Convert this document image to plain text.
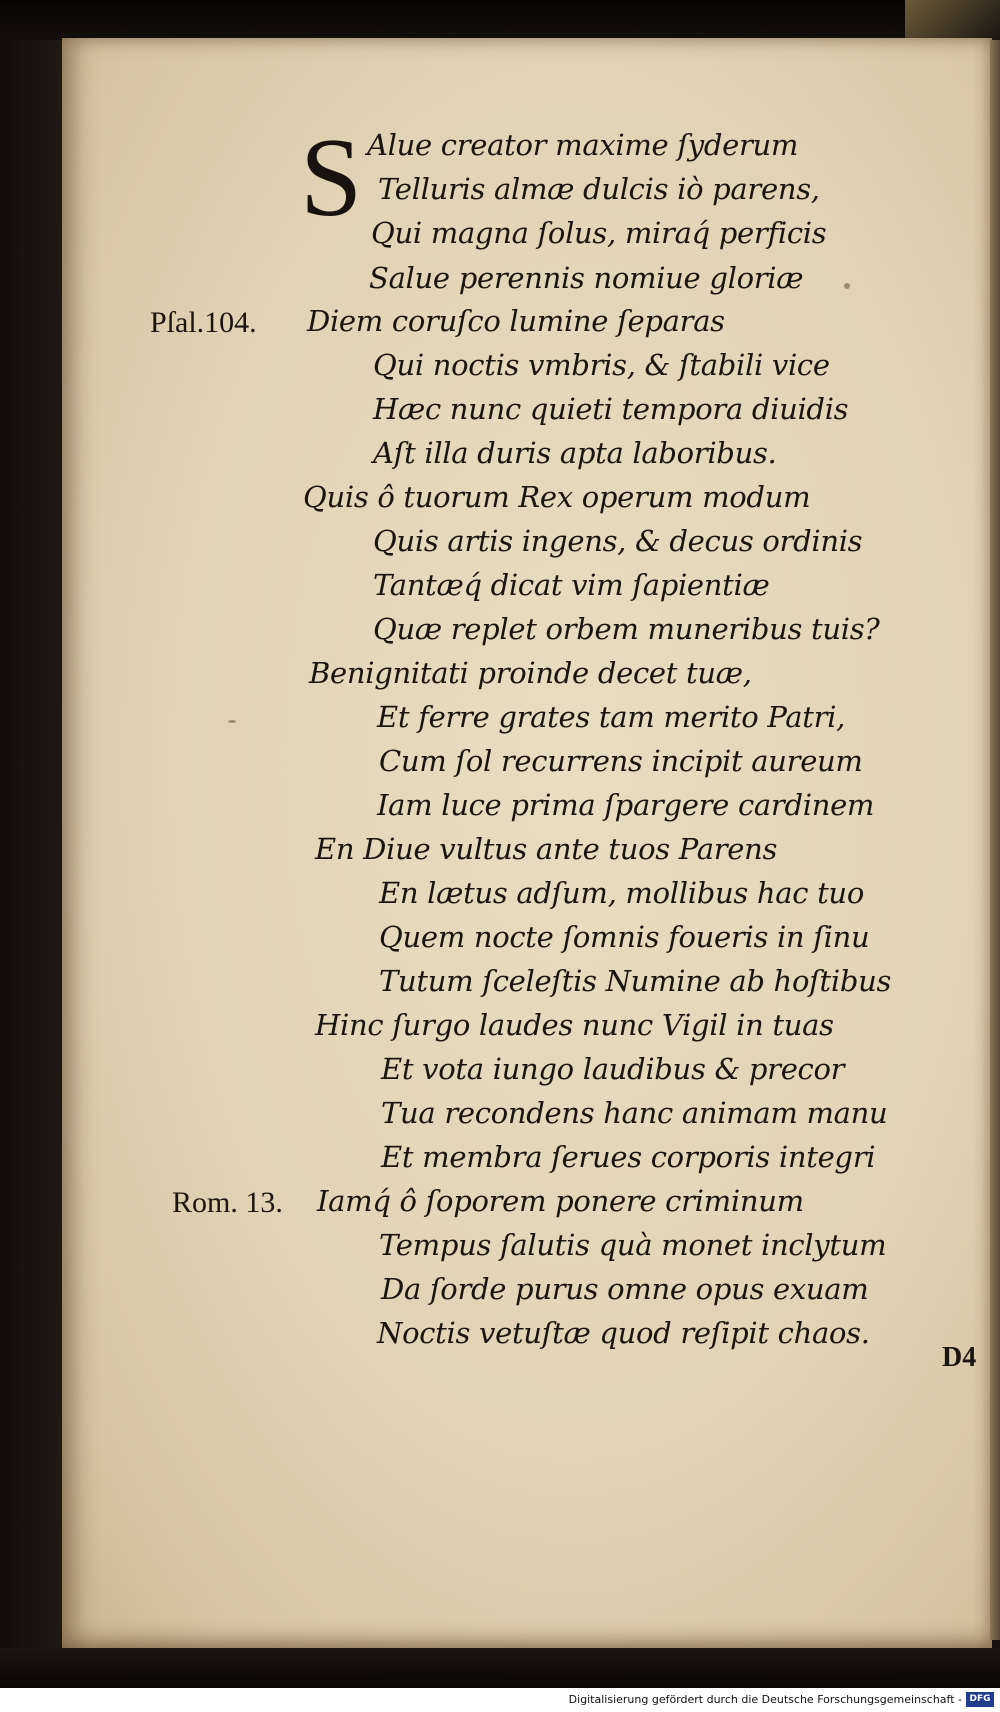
S Alue creator maxime ſyderum
Telluris almæ dulcis iò parens,
Qui magna ſolus, miraq́ perficis
Salue perennis nomiue gloriæ
Diem coruſco lumine ſeparas
Qui noctis vmbris, & ſtabili vice
Hæc nunc quieti tempora diuidis
Aſt illa duris apta laboribus.
Quis ô tuorum Rex operum modum
Quis artis ingens, & decus ordinis
Tantæq́ dicat vim ſapientiæ
Quæ replet orbem muneribus tuis?
Benignitati proinde decet tuæ,
Et ferre grates tam merito Patri,
Cum ſol recurrens incipit aureum
Iam luce prima ſpargere cardinem
En Diue vultus ante tuos Parens
En lætus adſum, mollibus hac tuo
Quem nocte ſomnis foueris in ſinu
Tutum ſceleſtis Numine ab hoſtibus
Hinc ſurgo laudes nunc Vigil in tuas
Et vota iungo laudibus & precor
Tua recondens hanc animam manu
Et membra ſerues corporis integri
Iamq́ ô ſoporem ponere criminum
Tempus ſalutis quà monet inclytum
Da ſorde purus omne opus exuam
Noctis vetuſtæ quod reſipit chaos.
Pſal.104.
Rom. 13.
D4
Digitalisierung gefördert durch die Deutsche Forschungsgemeinschaft - DFG
